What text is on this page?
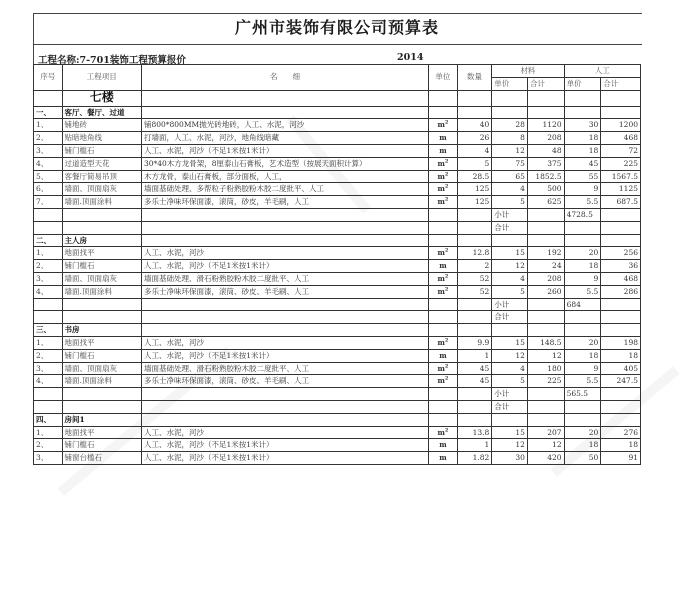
广州市装饰有限公司预算表
工程名称:7-701装饰工程预算报价	2014
序号	工程项目	名　　细	单位	数量	材料		人工	
					单价	合计	单价	合计
	七楼							
一、	客厅、餐厅、过道							
1、	铺地砖	铺800*800MM抛光砖地砖，人工、水泥，河沙	$m^2$	40	28	1120	30	1200
2、	贴暗地角线	打墙面，人工、水泥，河沙，地角线暗藏	m	26	8	208	18	468
3、	铺门槛石	人工、水泥，河沙（不足1米按1米计）	m	4	12	48	18	72
4、	过道造型天花	30*40木方龙骨架，8厘泰山石膏板，艺术造型（按展天面积计算）	$m^2$	5	75	375	45	225
5、	客餐厅简易吊顶	木方龙骨，泰山石膏板，部分面板，人工，	$m^2$	28.5	65	1852.5	55	1567.5
6、	墙面、顶面扇灰	墙面基础处理、多帮粒子粉熟胶粉木胶二度批平、人工	$m^2$	125	4	500	9	1125
7、	墙面.顶面涂料	多乐士净味环保面漆，滚筒，砂皮，羊毛刷，人工	$m^2$	125	5	625	5.5	687.5
					小计		4728.5	
					合计			
二、	主人房							
1、	地面找平	人工、水泥，河沙	$m^2$	12.8	15	192	20	256
2、	铺门槛石	人工、水泥，河沙（不足1米按1米计）	m	2	12	24	18	36
3、	墙面、顶面扇灰	墙面基础处理、滑石粉熟胶粉木胶二度批平、人工	$m^2$	52	4	208	9	468
4、	墙面.顶面涂料	多乐士净味环保面漆，滚筒、砂皮、羊毛刷、人工	$m^2$	52	5	260	5.5	286
					小计		684	
					合计			
三、	书房							
1、	地面找平	人工、水泥，河沙	$m^2$	9.9	15	148.5	20	198
2、	铺门槛石	人工、水泥，河沙（不足1米按1米计）	m	1	12	12	18	18
3、	墙面、顶面扇灰	墙面基础处理、滑石粉熟胶粉木胶二度批平、人工	$m^2$	45	4	180	9	405
4、	墙面.顶面涂料	多乐士净味环保面漆，滚筒、砂皮、羊毛刷、人工	$m^2$	45	5	225	5.5	247.5
					小计		565.5	
					合计			
四、	房间1							
1、	地面找平	人工、水泥，河沙	$m^2$	13.8	15	207	20	276
2、	铺门槛石	人工、水泥，河沙（不足1米按1米计）	m	1	12	12	18	18
3、	铺窗台槛石	人工、水泥，河沙（不足1米按1米计）	m	1.82	30	420	50	91
